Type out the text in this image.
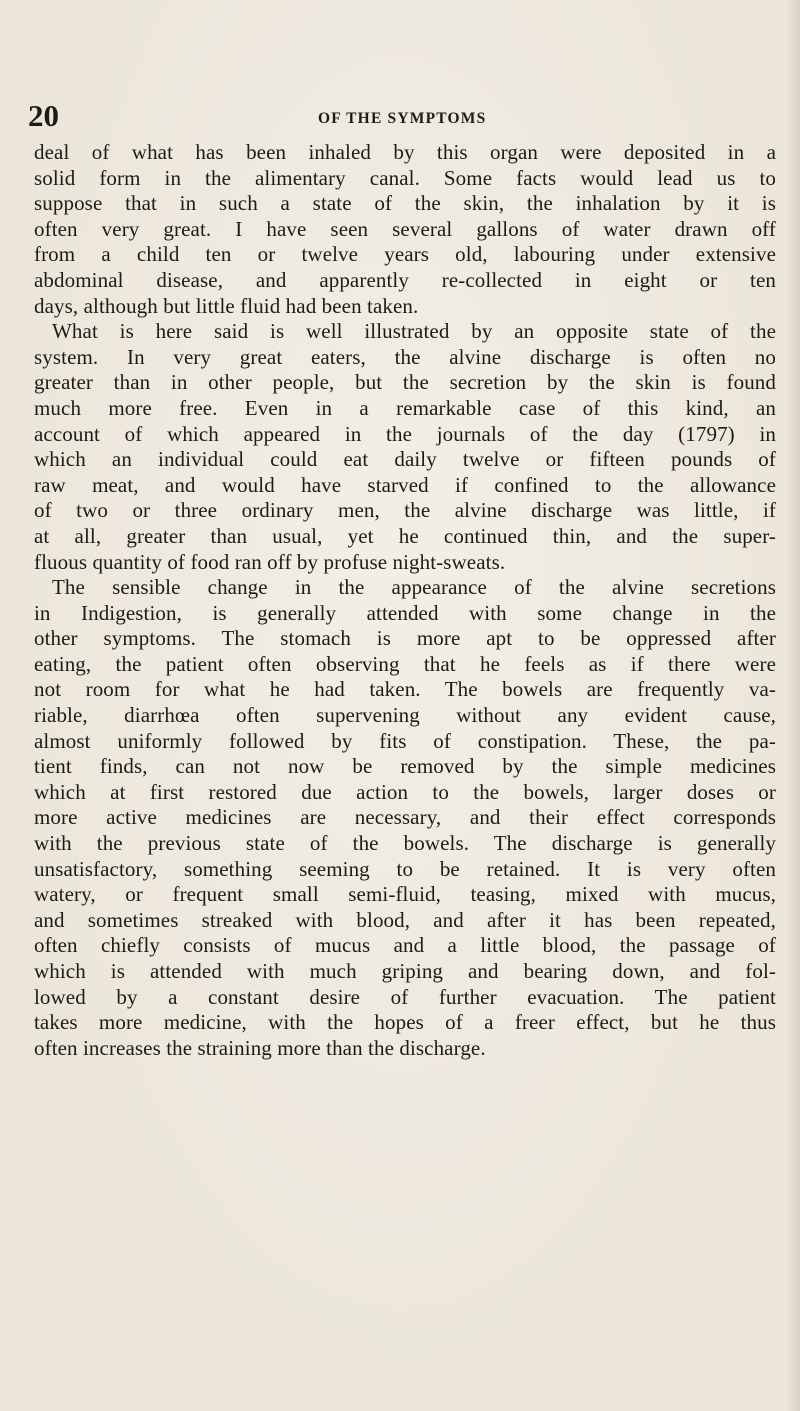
20	OF THE SYMPTOMS
deal of what has been inhaled by this organ were deposited in a
solid form in the alimentary canal. Some facts would lead us to
suppose that in such a state of the skin, the inhalation by it is
often very great. I have seen several gallons of water drawn off
from a child ten or twelve years old, labouring under extensive
abdominal disease, and apparently re-collected in eight or ten
days, although but little fluid had been taken.
What is here said is well illustrated by an opposite state of the
system. In very great eaters, the alvine discharge is often no
greater than in other people, but the secretion by the skin is found
much more free. Even in a remarkable case of this kind, an
account of which appeared in the journals of the day (1797) in
which an individual could eat daily twelve or fifteen pounds of
raw meat, and would have starved if confined to the allowance
of two or three ordinary men, the alvine discharge was little, if
at all, greater than usual, yet he continued thin, and the super-
fluous quantity of food ran off by profuse night-sweats.
The sensible change in the appearance of the alvine secretions
in Indigestion, is generally attended with some change in the
other symptoms. The stomach is more apt to be oppressed after
eating, the patient often observing that he feels as if there were
not room for what he had taken. The bowels are frequently va-
riable, diarrhœa often supervening without any evident cause,
almost uniformly followed by fits of constipation. These, the pa-
tient finds, can not now be removed by the simple medicines
which at first restored due action to the bowels, larger doses or
more active medicines are necessary, and their effect corresponds
with the previous state of the bowels. The discharge is generally
unsatisfactory, something seeming to be retained. It is very often
watery, or frequent small semi-fluid, teasing, mixed with mucus,
and sometimes streaked with blood, and after it has been repeated,
often chiefly consists of mucus and a little blood, the passage of
which is attended with much griping and bearing down, and fol-
lowed by a constant desire of further evacuation. The patient
takes more medicine, with the hopes of a freer effect, but he thus
often increases the straining more than the discharge.
